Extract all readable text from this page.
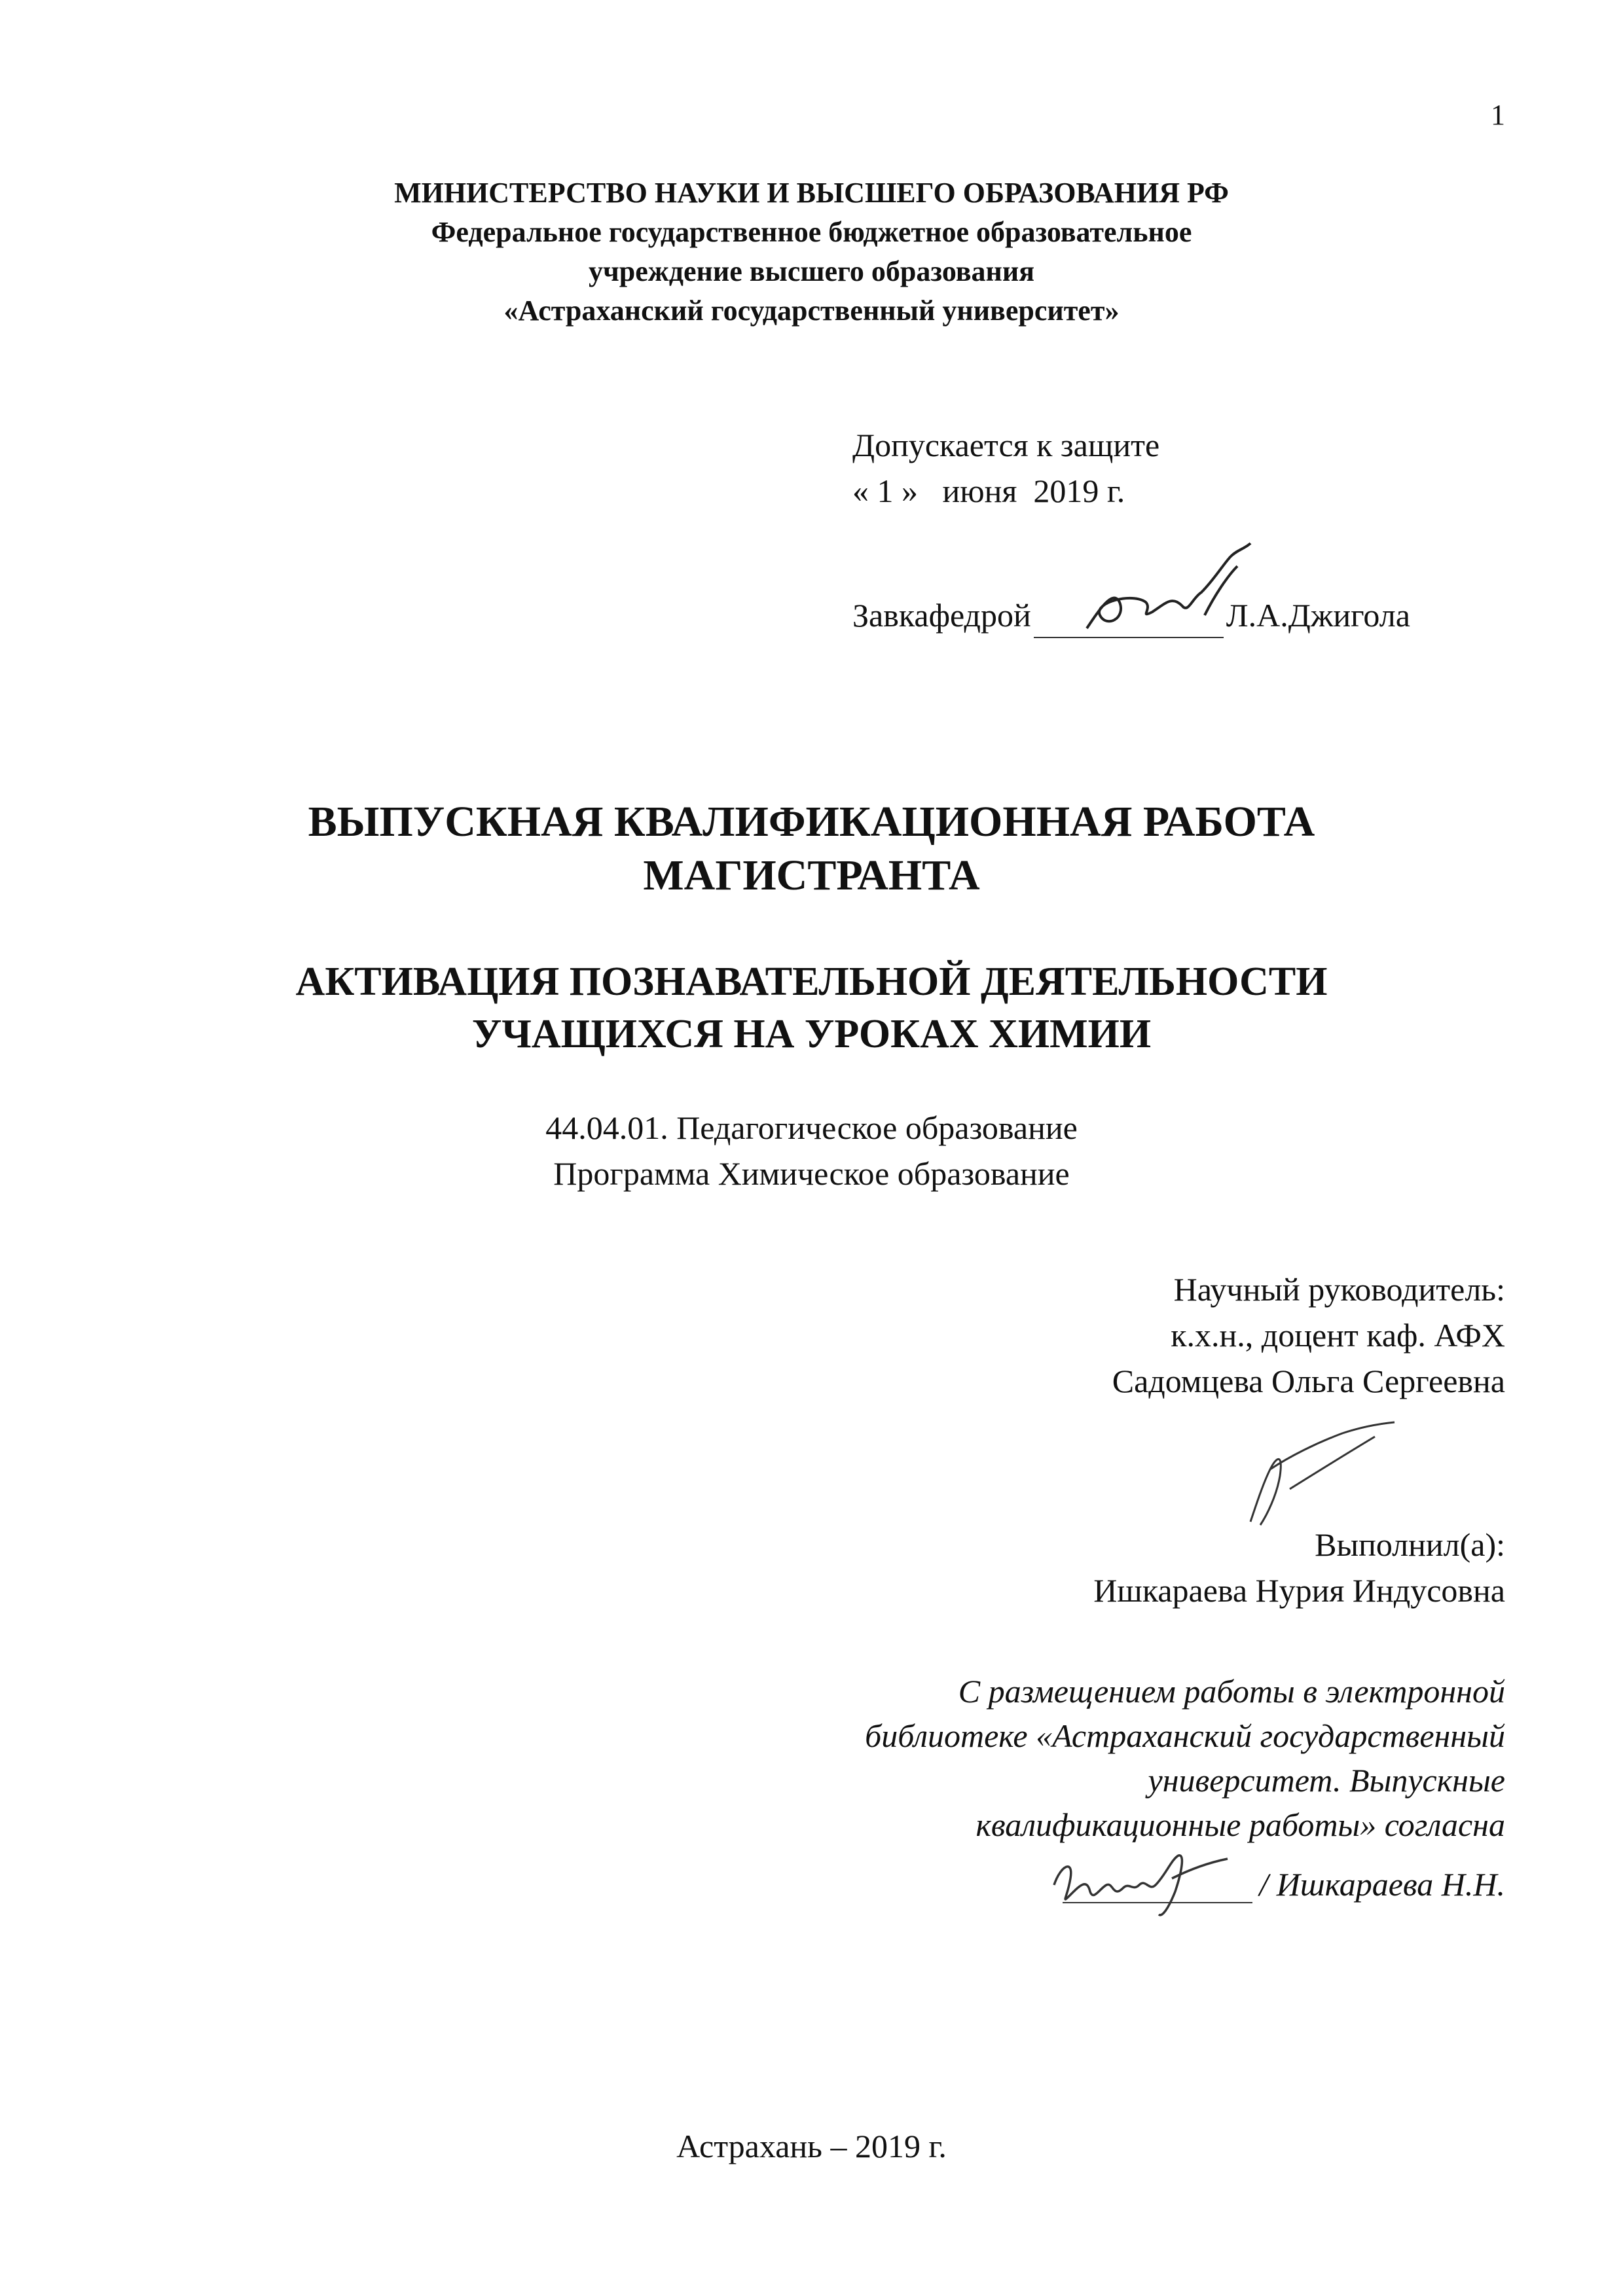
1
МИНИСТЕРСТВО НАУКИ И ВЫСШЕГО ОБРАЗОВАНИЯ РФ
Федеральное государственное бюджетное образовательное
учреждение высшего образования
«Астраханский государственный университет»
Допускается к защите
« 1 »   июня  2019 г.
Завкафедрой	Л.А.Джигола
ВЫПУСКНАЯ КВАЛИФИКАЦИОННАЯ РАБОТА
МАГИСТРАНТА
АКТИВАЦИЯ ПОЗНАВАТЕЛЬНОЙ ДЕЯТЕЛЬНОСТИ
УЧАЩИХСЯ НА УРОКАХ ХИМИИ
44.04.01. Педагогическое образование
Программа Химическое образование
Научный руководитель:
к.х.н., доцент каф. АФХ
Садомцева Ольга Сергеевна
Выполнил(а):
Ишкараева Нурия Индусовна
С размещением работы в электронной
библиотеке «Астраханский государственный
университет. Выпускные
квалификационные работы» согласна
/ Ишкараева Н.Н.
Астрахань – 2019 г.
